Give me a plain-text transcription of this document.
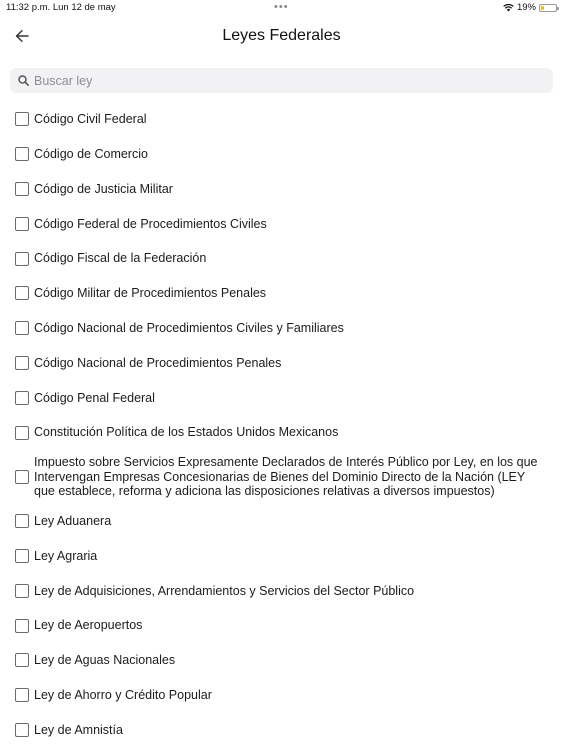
11:32 p.m. Lun 12 de may	•••	19%
Leyes Federales
Buscar ley
Código Civil Federal
Código de Comercio
Código de Justicia Militar
Código Federal de Procedimientos Civiles
Código Fiscal de la Federación
Código Militar de Procedimientos Penales
Código Nacional de Procedimientos Civiles y Familiares
Código Nacional de Procedimientos Penales
Código Penal Federal
Constitución Política de los Estados Unidos Mexicanos
Impuesto sobre Servicios Expresamente Declarados de Interés Público por Ley, en los que Intervengan Empresas Concesionarias de Bienes del Dominio Directo de la Nación (LEY que establece, reforma y adiciona las disposiciones relativas a diversos impuestos)
Ley Aduanera
Ley Agraria
Ley de Adquisiciones, Arrendamientos y Servicios del Sector Público
Ley de Aeropuertos
Ley de Aguas Nacionales
Ley de Ahorro y Crédito Popular
Ley de Amnistía
